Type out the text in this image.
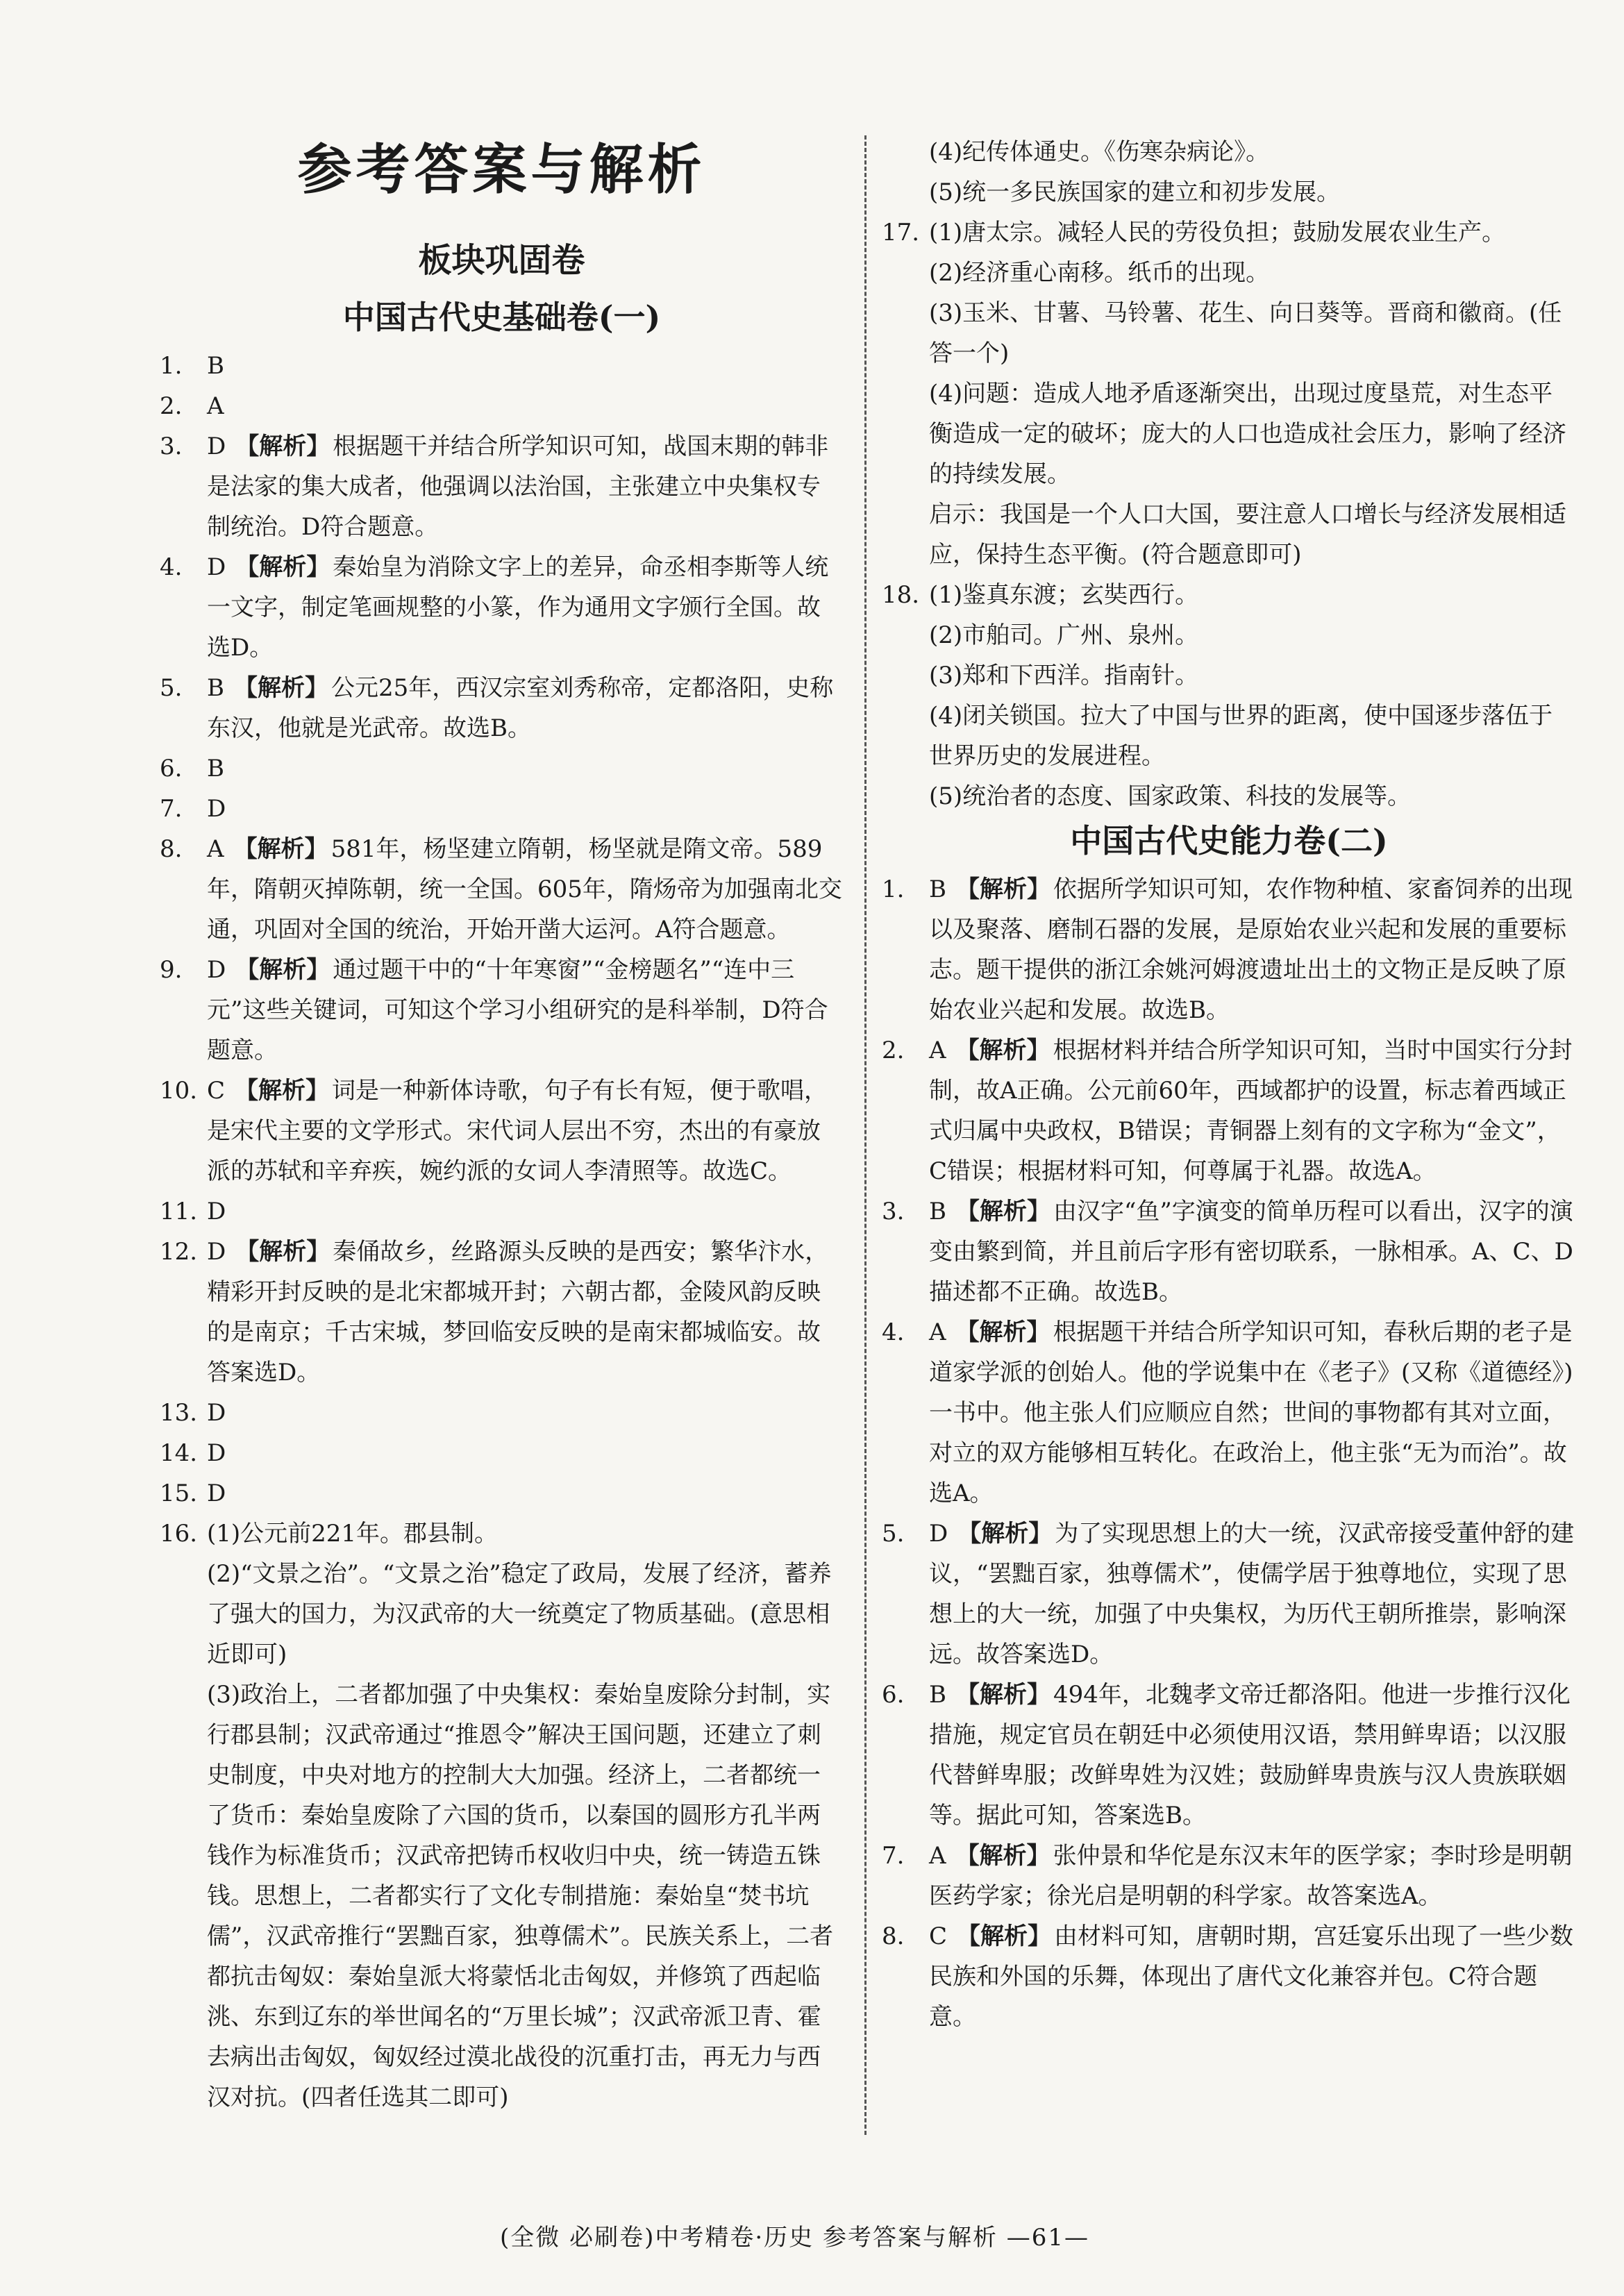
参考答案与解析
板块巩固卷
中国古代史基础卷(一)

1. B

2. A

3. D 【解析】 根据题干并结合所学知识可知，战国末期的韩非是法家的集大成者，他强调以法治国，主张建立中央集权专制统治。D符合题意。

4. D 【解析】 秦始皇为消除文字上的差异，命丞相李斯等人统一文字，制定笔画规整的小篆，作为通用文字颁行全国。故选D。

5. B 【解析】 公元25年，西汉宗室刘秀称帝，定都洛阳，史称东汉，他就是光武帝。故选B。

6. B

7. D

8. A 【解析】 581年，杨坚建立隋朝，杨坚就是隋文帝。589年，隋朝灭掉陈朝，统一全国。605年，隋炀帝为加强南北交通，巩固对全国的统治，开始开凿大运河。A符合题意。

9. D 【解析】 通过题干中的“十年寒窗”“金榜题名”“连中三元”这些关键词，可知这个学习小组研究的是科举制，D符合题意。

10. C 【解析】 词是一种新体诗歌，句子有长有短，便于歌唱，是宋代主要的文学形式。宋代词人层出不穷，杰出的有豪放派的苏轼和辛弃疾，婉约派的女词人李清照等。故选C。

11. D

12. D 【解析】 秦俑故乡，丝路源头反映的是西安；繁华汴水，精彩开封反映的是北宋都城开封；六朝古都，金陵风韵反映的是南京；千古宋城，梦回临安反映的是南宋都城临安。故答案选D。

13. D

14. D

15. D

16. (1)公元前221年。郡县制。

(2)“文景之治”。“文景之治”稳定了政局，发展了经济，蓄养了强大的国力，为汉武帝的大一统奠定了物质基础。(意思相近即可)

(3)政治上，二者都加强了中央集权：秦始皇废除分封制，实行郡县制；汉武帝通过“推恩令”解决王国问题，还建立了刺史制度，中央对地方的控制大大加强。经济上，二者都统一了货币：秦始皇废除了六国的货币，以秦国的圆形方孔半两钱作为标准货币；汉武帝把铸币权收归中央，统一铸造五铢钱。思想上，二者都实行了文化专制措施：秦始皇“焚书坑儒”，汉武帝推行“罢黜百家，独尊儒术”。民族关系上，二者都抗击匈奴：秦始皇派大将蒙恬北击匈奴，并修筑了西起临洮、东到辽东的举世闻名的“万里长城”；汉武帝派卫青、霍去病出击匈奴，匈奴经过漠北战役的沉重打击，再无力与西汉对抗。(四者任选其二即可)

(4)纪传体通史。《伤寒杂病论》。

(5)统一多民族国家的建立和初步发展。

17. (1)唐太宗。减轻人民的劳役负担；鼓励发展农业生产。

(2)经济重心南移。纸币的出现。

(3)玉米、甘薯、马铃薯、花生、向日葵等。晋商和徽商。(任答一个)

(4)问题：造成人地矛盾逐渐突出，出现过度垦荒，对生态平衡造成一定的破坏；庞大的人口也造成社会压力，影响了经济的持续发展。

启示：我国是一个人口大国，要注意人口增长与经济发展相适应，保持生态平衡。(符合题意即可)

18. (1)鉴真东渡；玄奘西行。

(2)市舶司。广州、泉州。

(3)郑和下西洋。指南针。

(4)闭关锁国。拉大了中国与世界的距离，使中国逐步落伍于世界历史的发展进程。

(5)统治者的态度、国家政策、科技的发展等。

中国古代史能力卷(二)

1. B 【解析】 依据所学知识可知，农作物种植、家畜饲养的出现以及聚落、磨制石器的发展，是原始农业兴起和发展的重要标志。题干提供的浙江余姚河姆渡遗址出土的文物正是反映了原始农业兴起和发展。故选B。

2. A 【解析】 根据材料并结合所学知识可知，当时中国实行分封制，故A正确。公元前60年，西域都护的设置，标志着西域正式归属中央政权，B错误；青铜器上刻有的文字称为“金文”，C错误；根据材料可知，何尊属于礼器。故选A。

3. B 【解析】 由汉字“鱼”字演变的简单历程可以看出，汉字的演变由繁到简，并且前后字形有密切联系，一脉相承。A、C、D描述都不正确。故选B。

4. A 【解析】 根据题干并结合所学知识可知，春秋后期的老子是道家学派的创始人。他的学说集中在《老子》(又称《道德经》)一书中。他主张人们应顺应自然；世间的事物都有其对立面，对立的双方能够相互转化。在政治上，他主张“无为而治”。故选A。

5. D 【解析】 为了实现思想上的大一统，汉武帝接受董仲舒的建议，“罢黜百家，独尊儒术”，使儒学居于独尊地位，实现了思想上的大一统，加强了中央集权，为历代王朝所推崇，影响深远。故答案选D。

6. B 【解析】 494年，北魏孝文帝迁都洛阳。他进一步推行汉化措施，规定官员在朝廷中必须使用汉语，禁用鲜卑语；以汉服代替鲜卑服；改鲜卑姓为汉姓；鼓励鲜卑贵族与汉人贵族联姻等。据此可知，答案选B。

7. A 【解析】 张仲景和华佗是东汉末年的医学家；李时珍是明朝医药学家；徐光启是明朝的科学家。故答案选A。

8. C 【解析】 由材料可知，唐朝时期，宫廷宴乐出现了一些少数民族和外国的乐舞，体现出了唐代文化兼容并包。C符合题意。

(全微 必刷卷)中考精卷·历史 参考答案与解析 —61—
